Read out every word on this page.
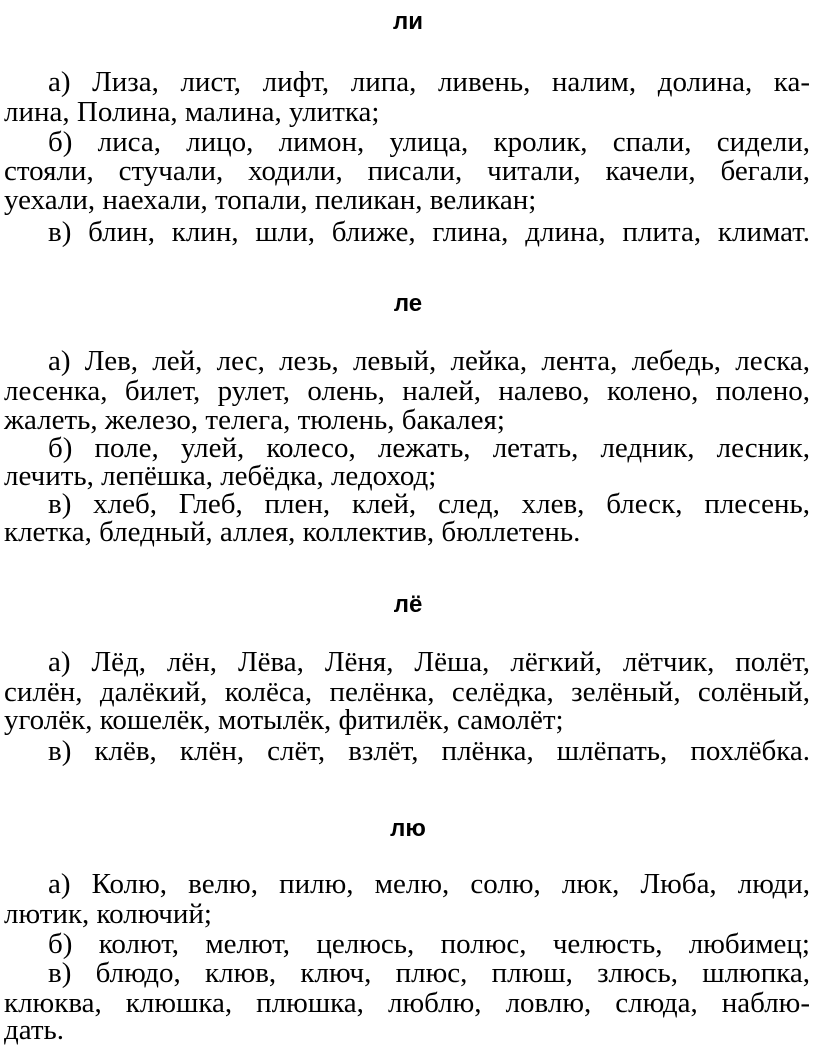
ли
а) Лиза, лист, лифт, липа, ливень, налим, долина, ка-
лина, Полина, малина, улитка;
б) лиса, лицо, лимон, улица, кролик, спали, сидели,
стояли, стучали, ходили, писали, читали, качели, бегали,
уехали, наехали, топали, пеликан, великан;
в) блин, клин, шли, ближе, глина, длина, плита, климат.
ле
а) Лев, лей, лес, лезь, левый, лейка, лента, лебедь, леска,
лесенка, билет, рулет, олень, налей, налево, колено, полено,
жалеть, железо, телега, тюлень, бакалея;
б) поле, улей, колесо, лежать, летать, ледник, лесник,
лечить, лепёшка, лебёдка, ледоход;
в) хлеб, Глеб, плен, клей, след, хлев, блеск, плесень,
клетка, бледный, аллея, коллектив, бюллетень.
лё
а) Лёд, лён, Лёва, Лёня, Лёша, лёгкий, лётчик, полёт,
силён, далёкий, колёса, пелёнка, селёдка, зелёный, солёный,
уголёк, кошелёк, мотылёк, фитилёк, самолёт;
в) клёв, клён, слёт, взлёт, плёнка, шлёпать, похлёбка.
лю
а) Колю, велю, пилю, мелю, солю, люк, Люба, люди,
лютик, колючий;
б) колют, мелют, целюсь, полюс, челюсть, любимец;
в) блюдо, клюв, ключ, плюс, плюш, злюсь, шлюпка,
клюква, клюшка, плюшка, люблю, ловлю, слюда, наблю-
дать.
